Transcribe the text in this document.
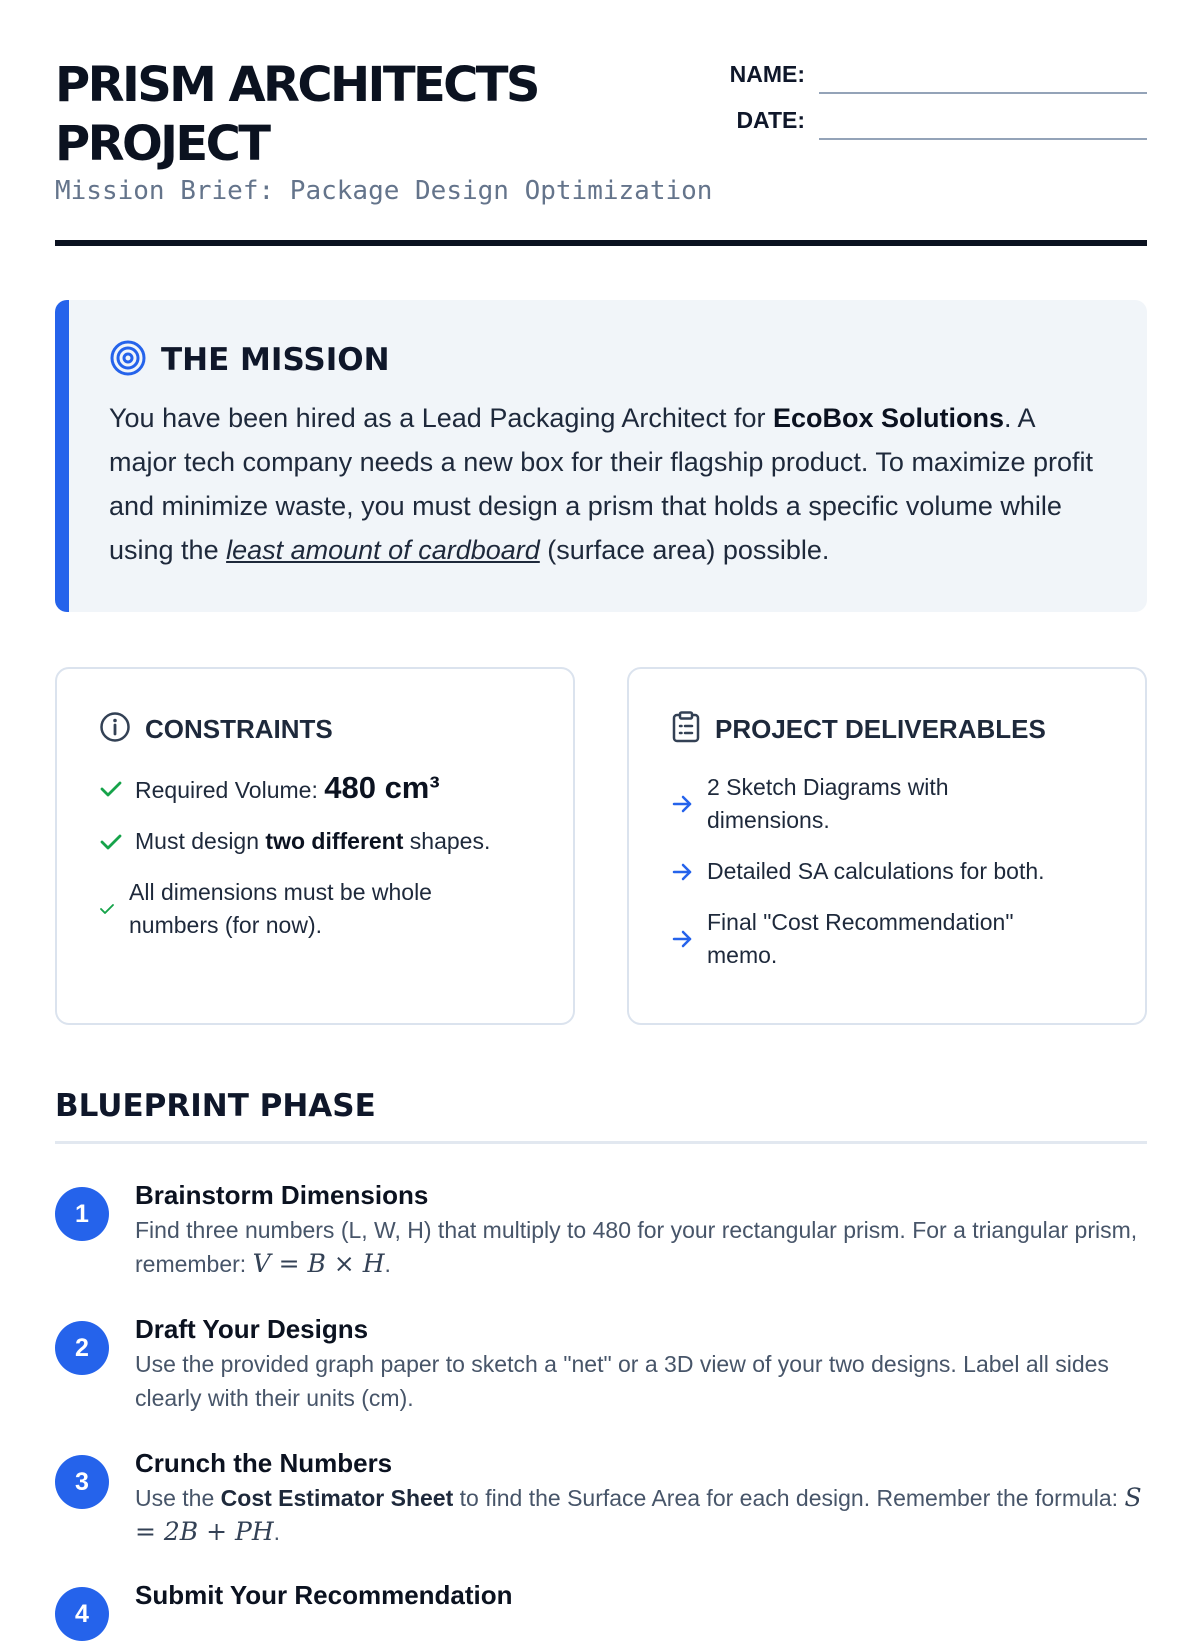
PRISM ARCHITECTS
PROJECT
Mission Brief: Package Design Optimization
NAME:
DATE:
THE MISSION

You have been hired as a Lead Packaging Architect for EcoBox Solutions. A major tech company needs a new box for their flagship product. To maximize profit and minimize waste, you must design a prism that holds a specific volume while using the least amount of cardboard (surface area) possible.

CONSTRAINTS
Required Volume: 480 cm³
Must design two different shapes.
All dimensions must be whole numbers (for now).
PROJECT DELIVERABLES
2 Sketch Diagrams with dimensions.
Detailed SA calculations for both.
Final "Cost Recommendation" memo.
BLUEPRINT PHASE
1
Brainstorm Dimensions
Find three numbers (L, W, H) that multiply to 480 for your rectangular prism. For a triangular prism, remember: V = B × H.
2
Draft Your Designs
Use the provided graph paper to sketch a "net" or a 3D view of your two designs. Label all sides clearly with their units (cm).
3
Crunch the Numbers
Use the Cost Estimator Sheet to find the Surface Area for each design. Remember the formula: S = 2B + PH.
4
Submit Your Recommendation
